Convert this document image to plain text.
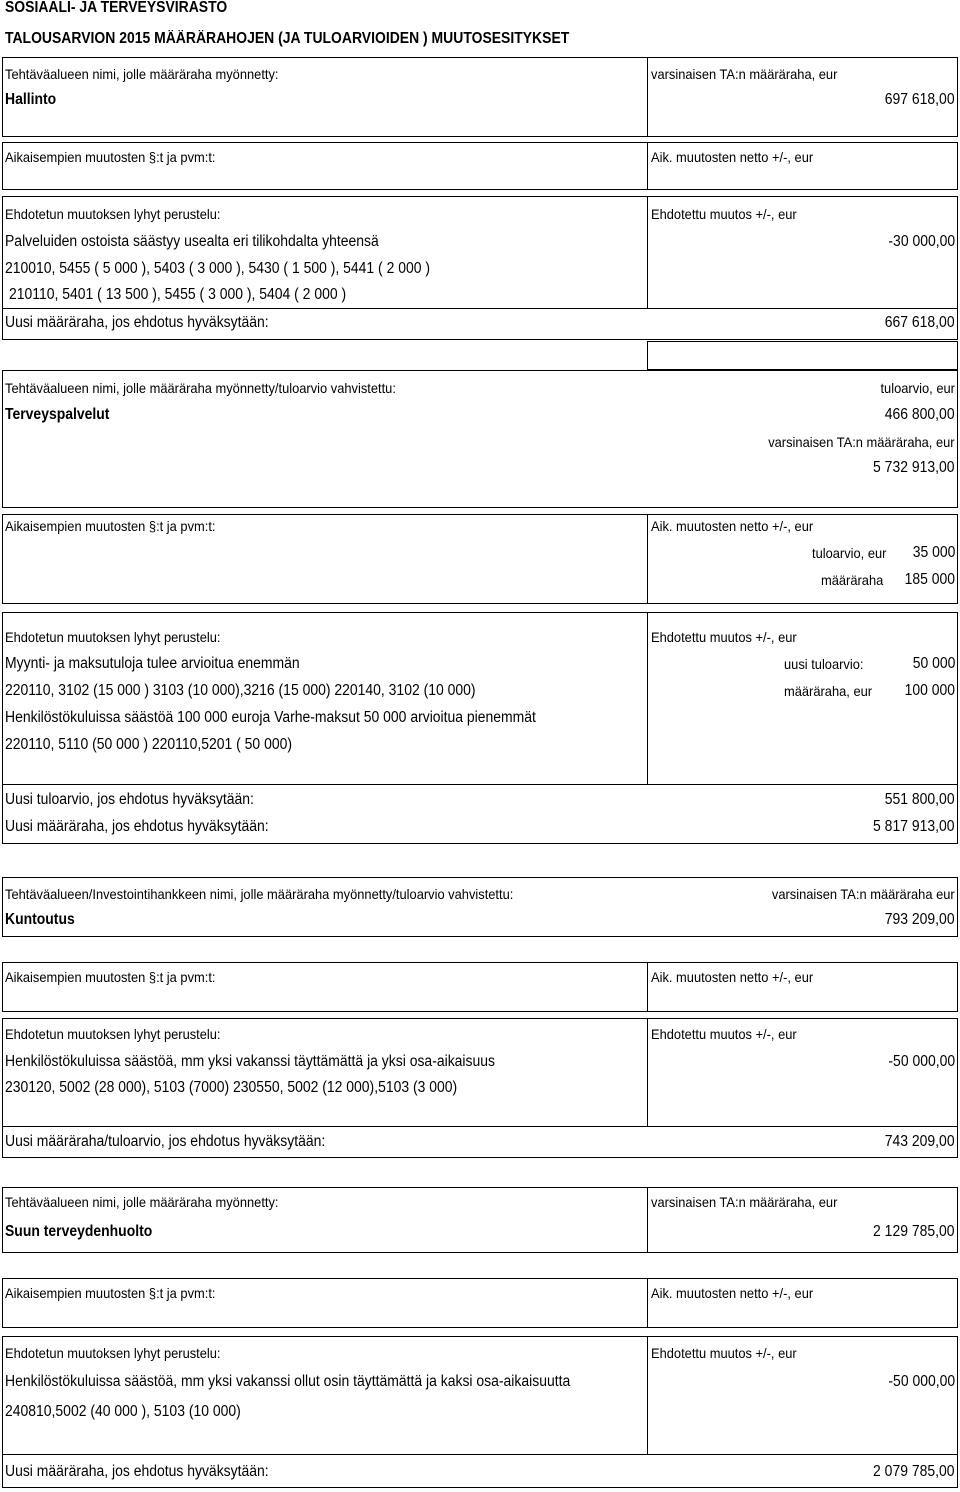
SOSIAALI- JA TERVEYSVIRASTO
TALOUSARVION 2015 MÄÄRÄRAHOJEN (JA TULOARVIOIDEN ) MUUTOSESITYKSET
Tehtäväalueen nimi, jolle määräraha myönnetty:	varsinaisen TA:n määräraha, eur
Hallinto	697 618,00
Aikaisempien muutosten §:t ja pvm:t:	Aik. muutosten netto +/-, eur
Ehdotetun muutoksen lyhyt perustelu:	Ehdotettu muutos +/-, eur
Palveluiden ostoista säästyy usealta eri tilikohdalta yhteensä	-30 000,00
210010, 5455 ( 5 000 ), 5403 ( 3 000 ), 5430 ( 1 500 ), 5441 ( 2 000 )
210110, 5401 ( 13 500 ), 5455 ( 3 000 ), 5404 ( 2 000 )
Uusi määräraha, jos ehdotus hyväksytään:	667 618,00
Tehtäväalueen nimi, jolle määräraha myönnetty/tuloarvio vahvistettu:	tuloarvio, eur
Terveyspalvelut	466 800,00
varsinaisen TA:n määräraha, eur
5 732 913,00
Aikaisempien muutosten §:t ja pvm:t:	Aik. muutosten netto +/-, eur
tuloarvio, eur 35 000
määräraha 185 000
Ehdotetun muutoksen lyhyt perustelu:	Ehdotettu muutos +/-, eur
Myynti- ja maksutuloja tulee arvioitua enemmän	uusi tuloarvio:	50 000
220110, 3102 (15 000 ) 3103 (10 000),3216 (15 000) 220140, 3102 (10 000)	määräraha, eur 100 000
Henkilöstökuluissa säästöä 100 000 euroja Varhe-maksut 50 000 arvioitua pienemmät
220110, 5110 (50 000 ) 220110,5201 ( 50 000)
Uusi tuloarvio, jos ehdotus hyväksytään:	551 800,00
Uusi määräraha, jos ehdotus hyväksytään:	5 817 913,00
Tehtäväalueen/Investointihankkeen nimi, jolle määräraha myönnetty/tuloarvio vahvistettu:	varsinaisen TA:n määräraha eur
Kuntoutus	793 209,00
Aikaisempien muutosten §:t ja pvm:t:	Aik. muutosten netto +/-, eur
Ehdotetun muutoksen lyhyt perustelu:	Ehdotettu muutos +/-, eur
Henkilöstökuluissa säästöä, mm yksi vakanssi täyttämättä ja yksi osa-aikaisuus	-50 000,00
230120, 5002 (28 000), 5103 (7000) 230550, 5002 (12 000),5103 (3 000)
Uusi määräraha/tuloarvio, jos ehdotus hyväksytään:	743 209,00
Tehtäväalueen nimi, jolle määräraha myönnetty:	varsinaisen TA:n määräraha, eur
Suun terveydenhuolto	2 129 785,00
Aikaisempien muutosten §:t ja pvm:t:	Aik. muutosten netto +/-, eur
Ehdotetun muutoksen lyhyt perustelu:	Ehdotettu muutos +/-, eur
Henkilöstökuluissa säästöä, mm yksi vakanssi ollut osin täyttämättä ja kaksi osa-aikaisuutta	-50 000,00
240810,5002 (40 000 ), 5103 (10 000)
Uusi määräraha, jos ehdotus hyväksytään:	2 079 785,00
